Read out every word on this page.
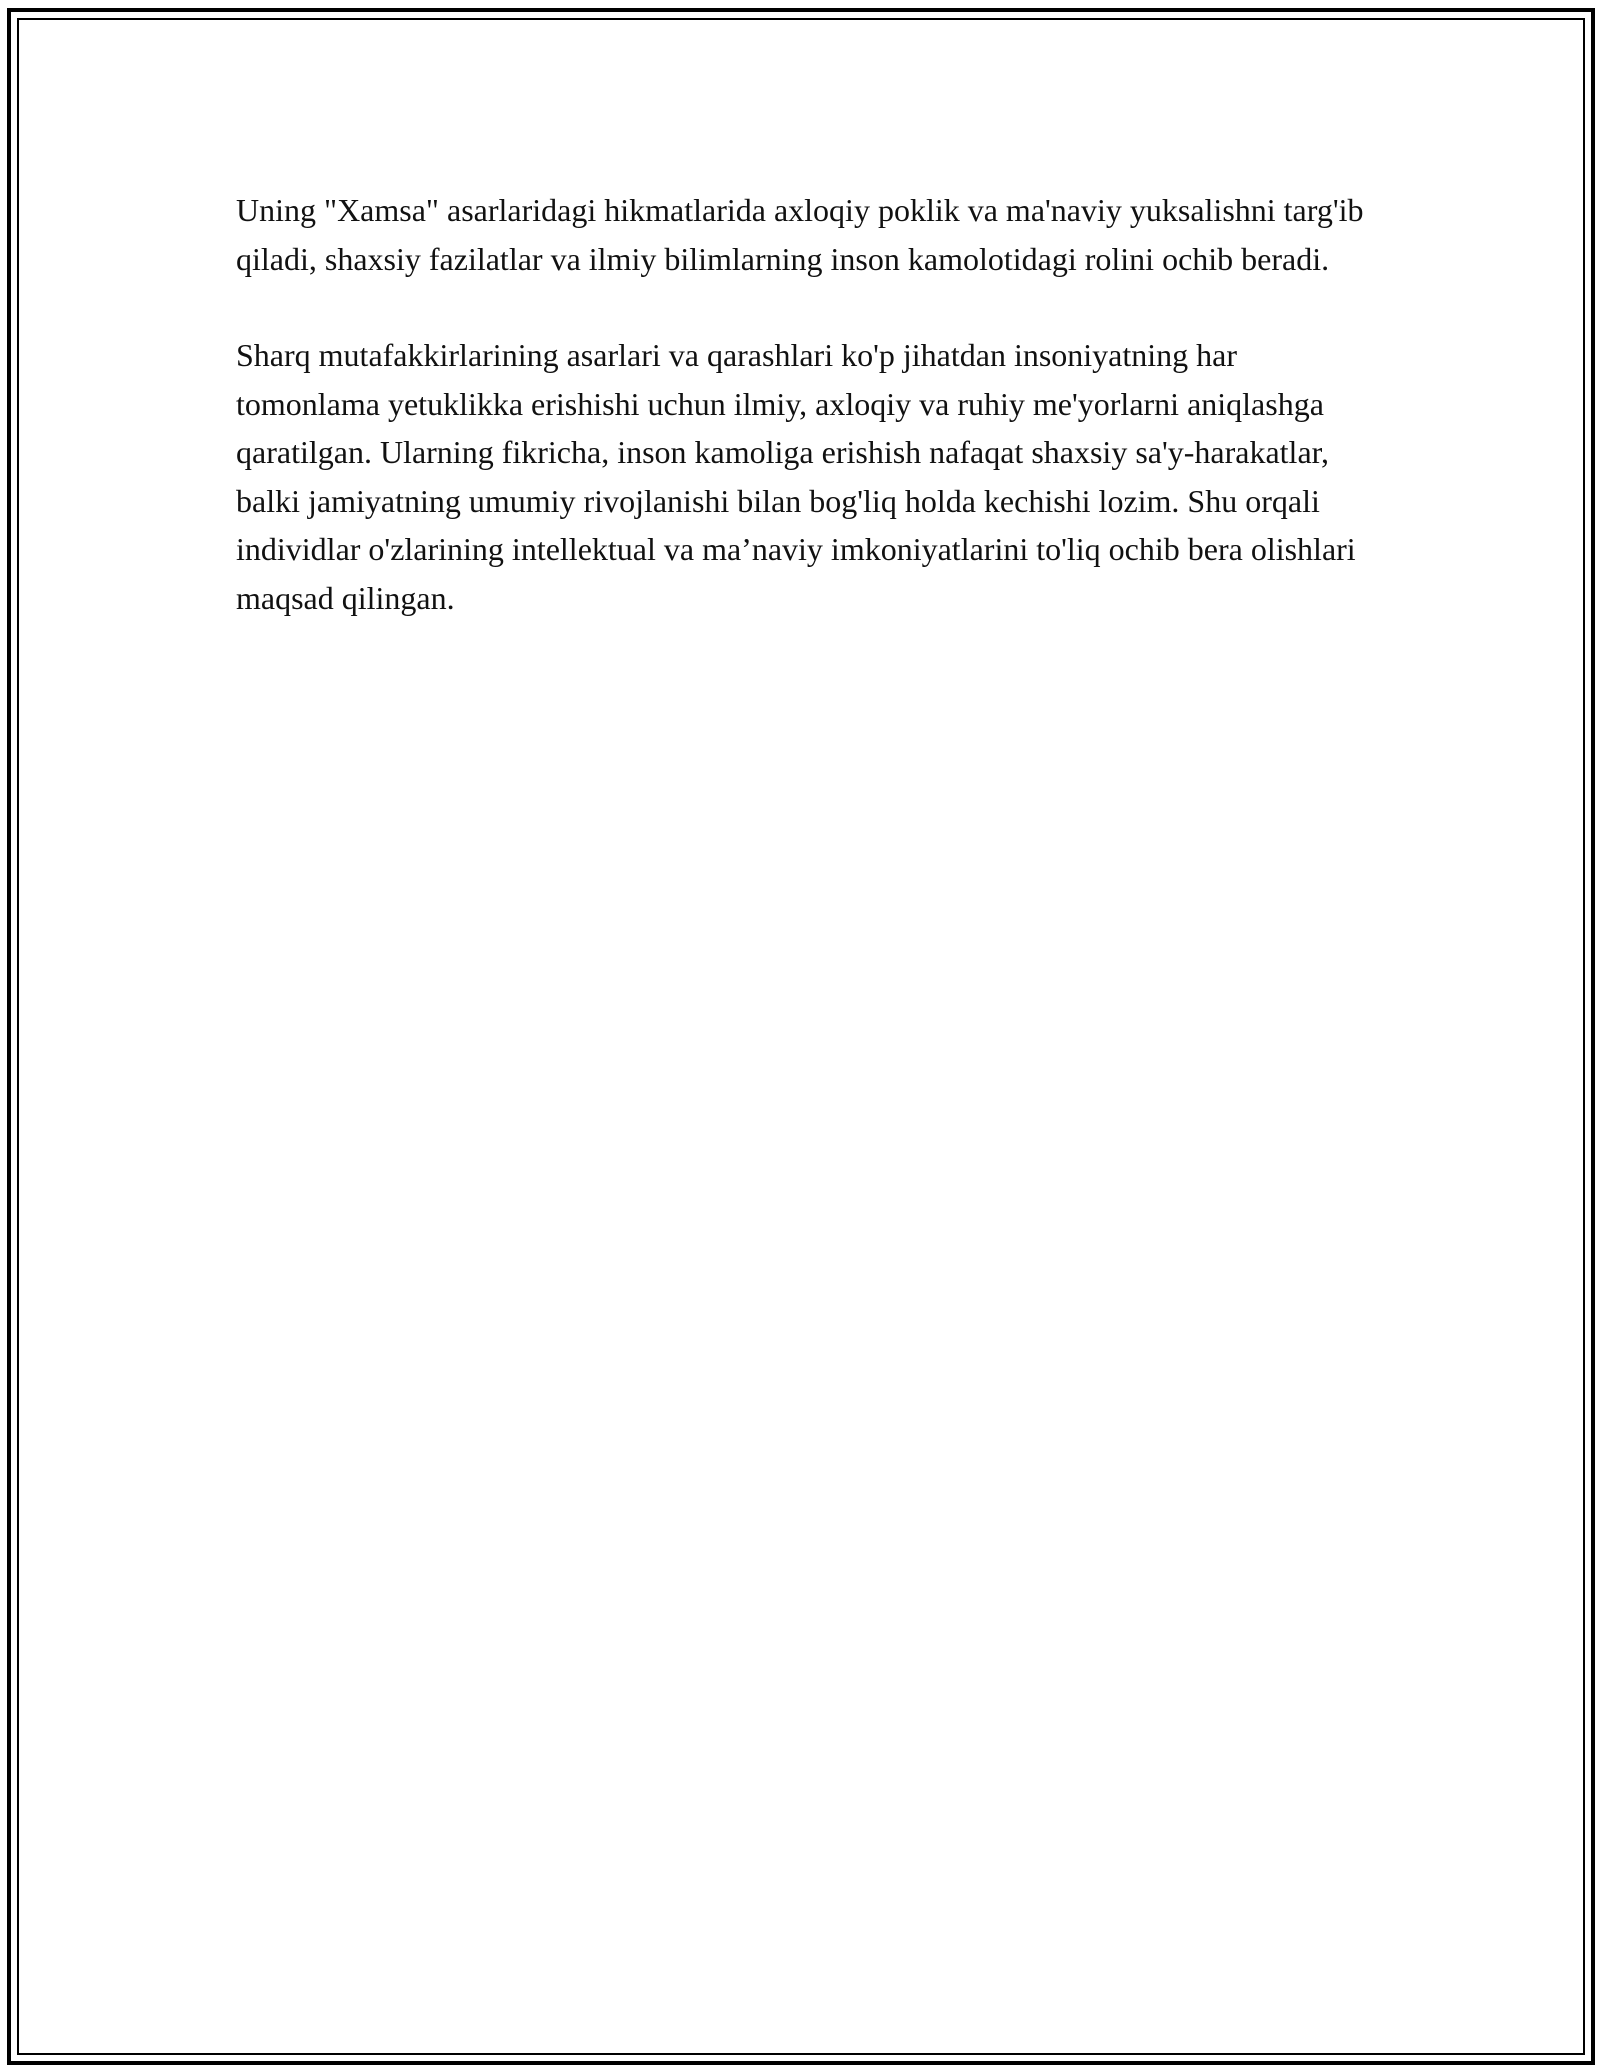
Uning "Xamsa" asarlaridagi hikmatlarida axloqiy poklik va ma'naviy yuksalishni targ'ib qiladi, shaxsiy fazilatlar va ilmiy bilimlarning inson kamolotidagi rolini ochib beradi.

Sharq mutafakkirlarining asarlari va qarashlari ko'p jihatdan insoniyatning har tomonlama yetuklikka erishishi uchun ilmiy, axloqiy va ruhiy me'yorlarni aniqlashga qaratilgan. Ularning fikricha, inson kamoliga erishish nafaqat shaxsiy sa'y-harakatlar, balki jamiyatning umumiy rivojlanishi bilan bog'liq holda kechishi lozim. Shu orqali individlar o'zlarining intellektual va ma’naviy imkoniyatlarini to'liq ochib bera olishlari maqsad qilingan.
